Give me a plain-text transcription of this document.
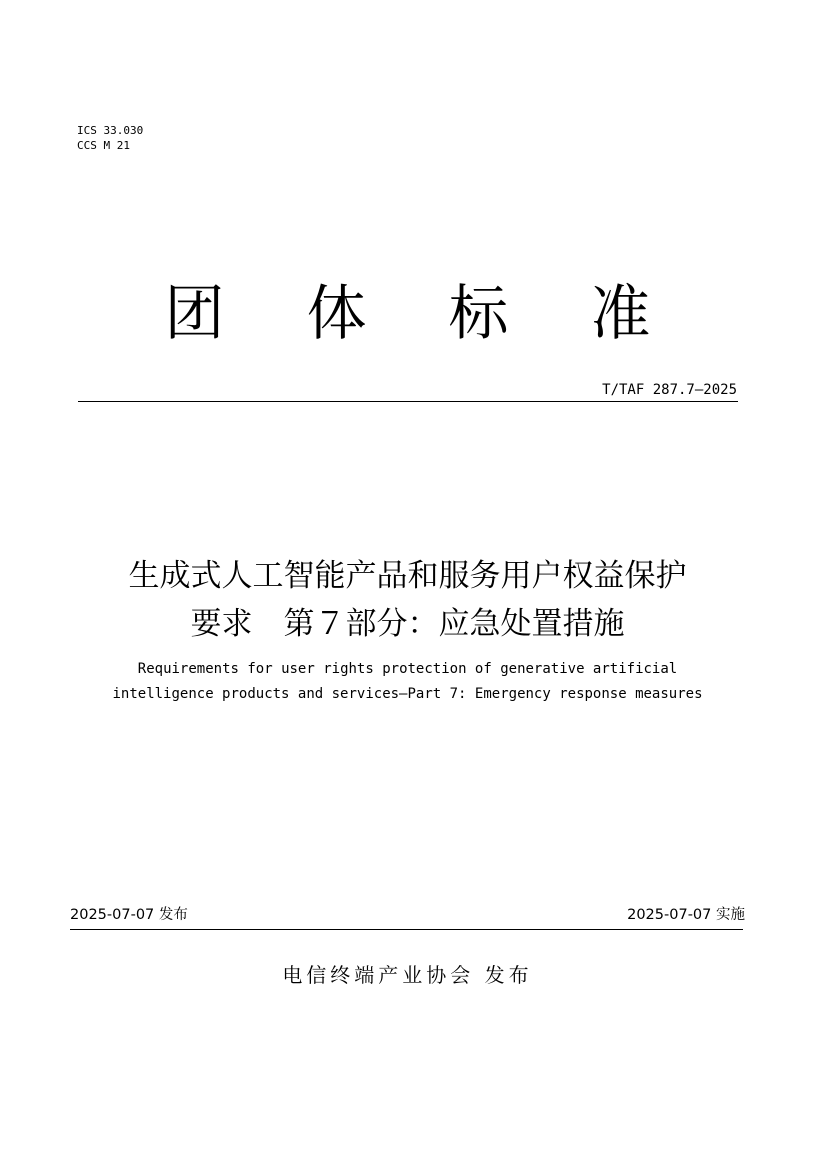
ICS 33.030
CCS M 21
团体标准
T/TAF 287.7—2025
生成式人工智能产品和服务用户权益保护
要求　第７部分：应急处置措施
Requirements for user rights protection of generative artificial
intelligence products and services—Part 7: Emergency response measures
2025-07-07 发布	2025-07-07 实施
电信终端产业协会 发布
